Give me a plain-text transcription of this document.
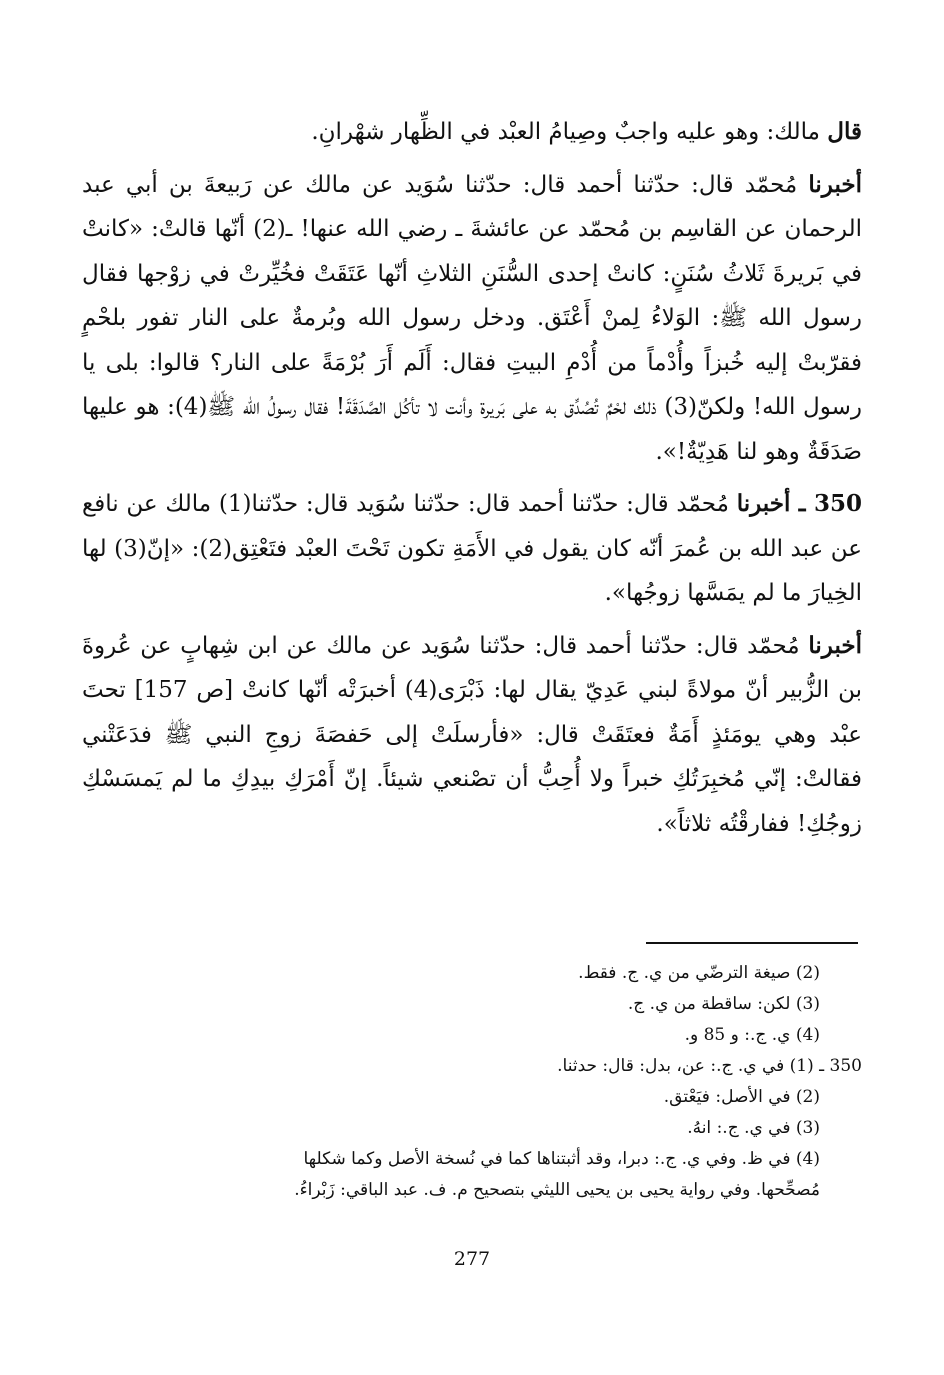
قال مالك: وهو عليه واجبٌ وصِيامُ العبْد في الظِّهار شهْرانِ.

أخبرنا مُحمّد قال: حدّثنا أحمد قال: حدّثنا سُوَيد عن مالك عن رَبيعةَ بن أبي عبد الرحمان عن القاسِم بن مُحمّد عن عائشةَ ـ رضي الله عنها! ـ(2) أنّها قالتْ: «كانتْ في بَريرةَ ثَلاثُ سُنَنٍ: كانتْ إحدى السُّنَنِ الثلاثِ أنّها عَتَقَتْ فخُيِّرتْ في زوْجها فقال رسول الله ﷺ: الوَلاءُ لِمنْ أَعْتَق. ودخل رسول الله وبُرمةٌ على النار تفور بلحْمٍ فقرّبتْ إليه خُبزاً وأُدْماً من أُدْمِ البيتِ فقال: أَلَم أَرَ بُرْمَةً على النار؟ قالوا: بلى يا رسول الله! ولكنّ(3) ذلك لحْمٌ تُصُدِّق به على بَريرة وأنت لا تأكُل الصَّدَقَةَ! فقال رسولُ الله ﷺ(4): هو عليها صَدَقَةٌ وهو لنا هَدِيّةٌ!».

350 ـ أخبرنا مُحمّد قال: حدّثنا أحمد قال: حدّثنا سُوَيد قال: حدّثنا(1) مالك عن نافع عن عبد الله بن عُمرَ أنّه كان يقول في الأَمَةِ تكون تَحْتَ العبْد فتَعْتِق(2): «إنّ(3) لها الخِيارَ ما لم يمَسَّها زوجُها».

أخبرنا مُحمّد قال: حدّثنا أحمد قال: حدّثنا سُوَيد عن مالك عن ابن شِهابٍ عن عُروةَ بن الزُّبير أنّ مولاةً لبني عَدِيّ يقال لها: ذَبْرَى(4) أخبرَتْه أنّها كانتْ [ص 157] تحتَ عبْد وهي يومَئذٍ أَمَةٌ فعتَقَتْ قال: «فأرسلَتْ إلى حَفصَةَ زوجِ النبي ﷺ فدَعَتْني فقالتْ: إنّي مُخبِرَتُكِ خبراً ولا أُحِبُّ أن تصْنعي شيئاً. إنّ أَمْرَكِ بيدِكِ ما لم يَمسَسْكِ زوجُكِ! ففارقْتُه ثلاثاً».

(2) صيغة الترضّي من ي. ج. فقط.

(3) لكن: ساقطة من ي. ج.

(4) ي. ج.: و 85 و.

350 ـ (1) في ي. ج.: عن، بدل: قال: حدثنا.

(2) في الأصل: فيَعْتق.

(3) في ي. ج.: انهُ.

(4) في ظ. وفي ي. ج.: دبرا، وقد أثبتناها كما في نُسخة الأصل وكما شكلها

مُصحِّحها. وفي رواية يحيى بن يحيى الليثي بتصحيح م. ف. عبد الباقي: زَبْراءُ.

277
